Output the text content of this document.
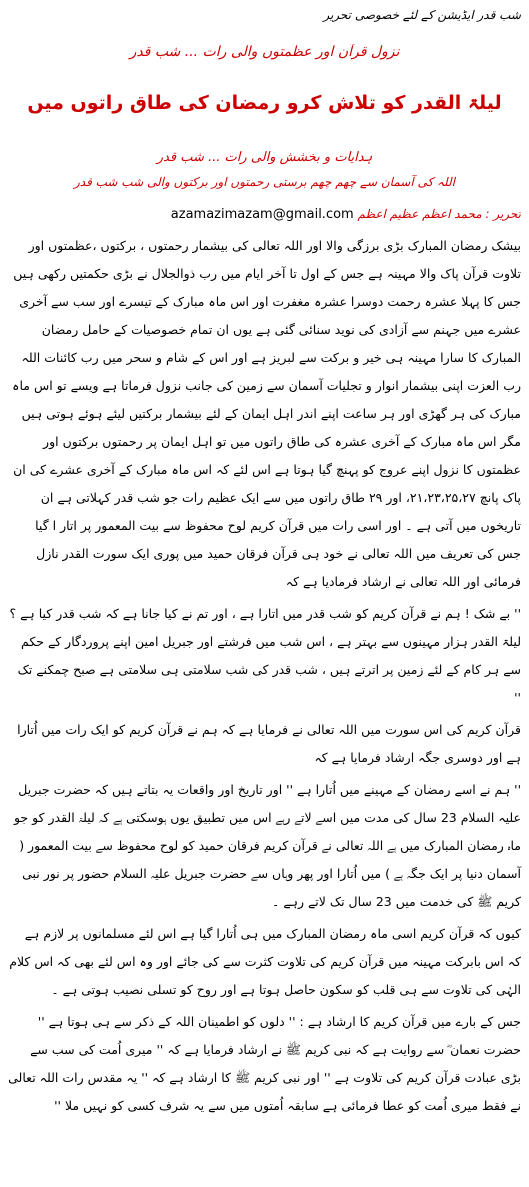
شب قدر ایڈیشن کے لئے خصوصی تحریر
نزول قرآن اور عظمتوں والی رات ... شب قدر
لیلۃ القدر کو تلاش کرو رمضان کی طاق راتوں میں
ہدایات و بخشش والی رات ... شب قدر
اللہ کی آسمان سے چھم چھم برستی رحمتوں اور برکتوں والی شب شب قدر
تحریر : محمد اعظم عظیم اعظم azamazimazam@gmail.com

بیشک رمضان المبارک بڑی برزگی والا اور اللہ تعالی کی بیشمار رحمتوں ، برکتوں ،عظمتوں اور تلاوت قرآن پاک والا مہینہ ہے جس کے اول تا آخر ایام میں رب ذوالجلال نے بڑی حکمتیں رکھی ہیں جس کا پہلا عشرہ رحمت دوسرا عشرہ مغفرت اور اس ماہ مبارک کے تیسرے اور سب سے آخری عشرے میں جہنم سے آزادی کی نوید سنائی گئی ہے یوں ان تمام خصوصیات کے حامل رمضان المبارک کا سارا مہینہ ہی خیر و برکت سے لبریز ہے اور اس کے شام و سحر میں رب کائنات اللہ رب العزت اپنی بیشمار انوار و تجلیات آسمان سے زمین کی جانب نزول فرماتا ہے ویسے تو اس ماہ مبارک کی ہر گھڑی اور ہر ساعت اپنے اندر اہل ایمان کے لئے بیشمار برکتیں لیئے ہوئے ہوتی ہیں مگر اس ماہ مبارک کے آخری عشرہ کی طاق راتوں میں تو اہل ایمان پر رحمتوں برکتوں اور عظمتوں کا نزول اپنے عروج کو پہنچ گیا ہوتا ہے اس لئے کہ اس ماہ مبارک کے آخری عشرے کی ان پاک پانچ ۲۱،۲۳،۲۵،۲۷، اور ۲۹ طاق راتوں میں سے ایک عظیم رات جو شب قدر کہلاتی ہے ان تاریخوں میں آتی ہے ۔ اور اسی رات میں قرآن کریم لوح محفوظ سے بیت المعمور پر اتار ا گیا جس کی تعریف میں اللہ تعالی نے خود ہی قرآن فرقان حمید میں پوری ایک سورت القدر نازل فرمائی اور اللہ تعالی نے ارشاد فرمادیا ہے کہ

'' بے شک ! ہم نے قرآن کریم کو شب قدر میں اتارا ہے ، اور تم نے کیا جانا ہے کہ شب قدر کیا ہے ؟ لیلۃ القدر ہزار مہینوں سے بہتر ہے ، اس شب میں فرشتے اور جبریل امین اپنے پروردگار کے حکم سے ہر کام کے لئے زمین پر اترتے ہیں ، شب قدر کی شب سلامتی ہی سلامتی ہے صبح چمکنے تک ''

قرآن کریم کی اس سورت میں اللہ تعالی نے فرمایا ہے کہ ہم نے قرآن کریم کو ایک رات میں اُتارا ہے اور دوسری جگہ ارشاد فرمایا ہے کہ

'' ہم نے اسے رمضان کے مہینے میں اُتارا ہے '' اور تاریخ اور واقعات یہ بتاتے ہیں کہ حضرت جبریل علیہ السلام 23 سال کی مدت میں اسے لاتے رہے اس میں تطبیق یوں ہوسکتی ہے کہ لیلۃ القدر کو جو ماہ رمضان المبارک میں ہے اللہ تعالی نے قرآن کریم فرقان حمید کو لوح محفوظ سے بیت المعمور ( آسمان دنیا پر ایک جگہ ہے ) میں اُتارا اور پھر وہاں سے حضرت جبریل علیہ السلام حضور پر نور نبی کریم ﷺ کی خدمت میں 23 سال تک لاتے رہے ۔

کیوں کہ قرآن کریم اسی ماہ رمضان المبارک میں ہی اُتارا گیا ہے اس لئے مسلمانوں پر لازم ہے کہ اس بابرکت مہینہ میں قرآن کریم کی تلاوت کثرت سے کی جائے اور وہ اس لئے بھی کہ اس کلام الہٰی کی تلاوت سے ہی قلب کو سکون حاصل ہوتا ہے اور روح کو تسلی نصیب ہوتی ہے ۔

جس کے بارے میں قرآن کریم کا ارشاد ہے : '' دلوں کو اطمینان اللہ کے ذکر سے ہی ہوتا ہے '' حضرت نعمان ؓ سے روایت ہے کہ نبی کریم ﷺ نے ارشاد فرمایا ہے کہ '' میری اُمت کی سب سے بڑی عبادت قرآن کریم کی تلاوت ہے '' اور نبی کریم ﷺ کا ارشاد ہے کہ '' یہ مقدس رات اللہ تعالی نے فقط میری اُمت کو عطا فرمائی ہے سابقہ اُمتوں میں سے یہ شرف کسی کو نہیں ملا ''
